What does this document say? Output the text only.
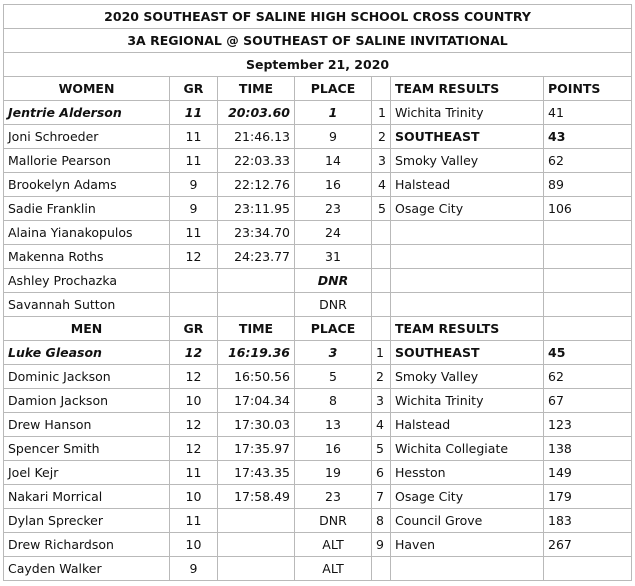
2020 SOUTHEAST OF SALINE HIGH SCHOOL CROSS COUNTRY						
3A REGIONAL @ SOUTHEAST OF SALINE INVITATIONAL						
September 21, 2020						
WOMEN	GR	TIME	PLACE		TEAM RESULTS	POINTS
Jentrie Alderson	11	20:03.60	1	1	Wichita Trinity	41
Joni Schroeder	11	21:46.13	9	2	SOUTHEAST	43
Mallorie Pearson	11	22:03.33	14	3	Smoky Valley	62
Brookelyn Adams	9	22:12.76	16	4	Halstead	89
Sadie Franklin	9	23:11.95	23	5	Osage City	106
Alaina Yianakopulos	11	23:34.70	24			
Makenna Roths	12	24:23.77	31			
Ashley Prochazka			DNR			
Savannah Sutton			DNR			
MEN	GR	TIME	PLACE		TEAM RESULTS	
Luke Gleason	12	16:19.36	3	1	SOUTHEAST	45
Dominic Jackson	12	16:50.56	5	2	Smoky Valley	62
Damion Jackson	10	17:04.34	8	3	Wichita Trinity	67
Drew Hanson	12	17:30.03	13	4	Halstead	123
Spencer Smith	12	17:35.97	16	5	Wichita Collegiate	138
Joel Kejr	11	17:43.35	19	6	Hesston	149
Nakari Morrical	10	17:58.49	23	7	Osage City	179
Dylan Sprecker	11		DNR	8	Council Grove	183
Drew Richardson	10		ALT	9	Haven	267
Cayden Walker	9		ALT			
